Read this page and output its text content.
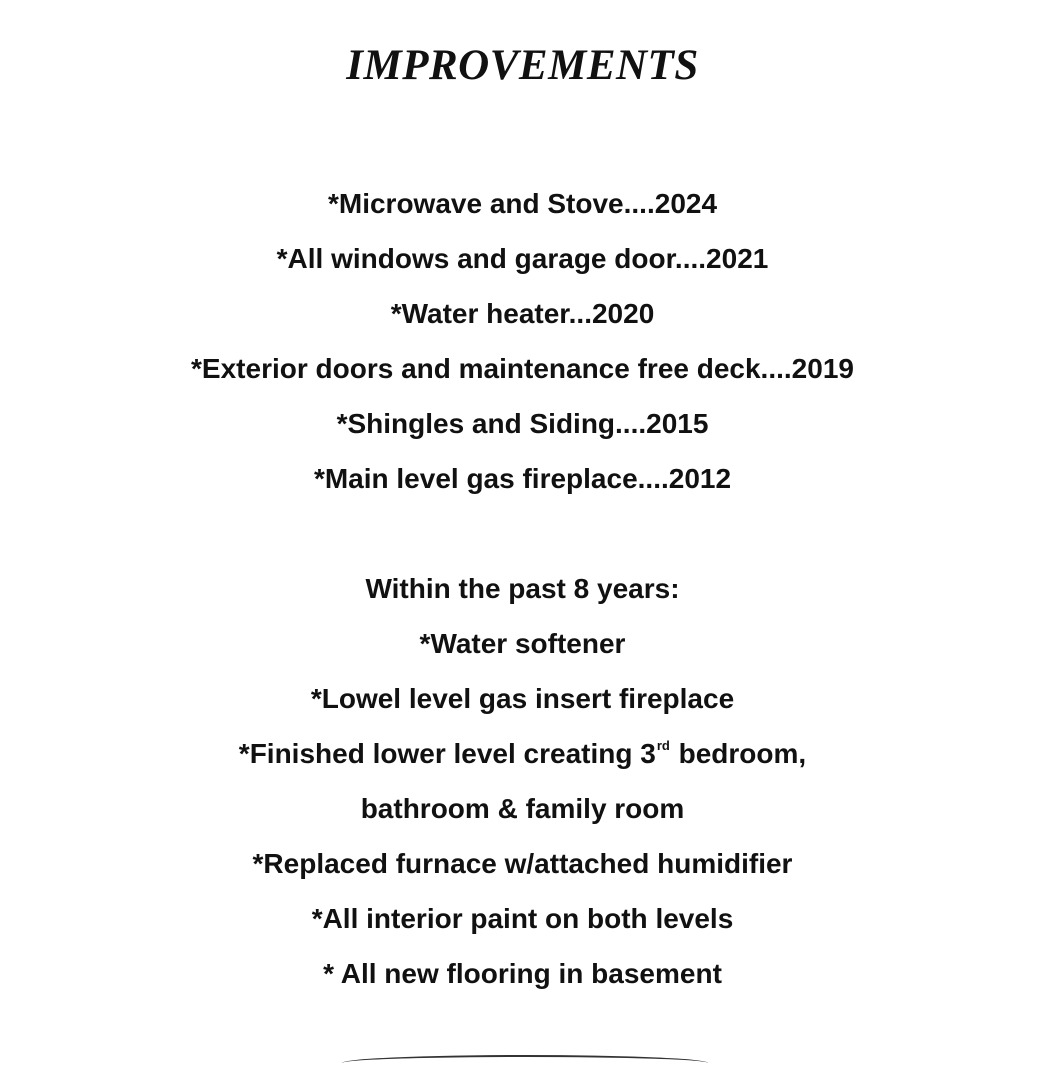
IMPROVEMENTS
*Microwave and Stove....2024
*All windows and garage door....2021
*Water heater...2020
*Exterior doors and maintenance free deck....2019
*Shingles and Siding....2015
*Main level gas fireplace....2012
Within the past 8 years:
*Water softener
*Lowel level gas insert fireplace
*Finished lower level creating 3rd bedroom,
bathroom & family room
*Replaced furnace w/attached humidifier
*All interior paint on both levels
* All new flooring in basement
